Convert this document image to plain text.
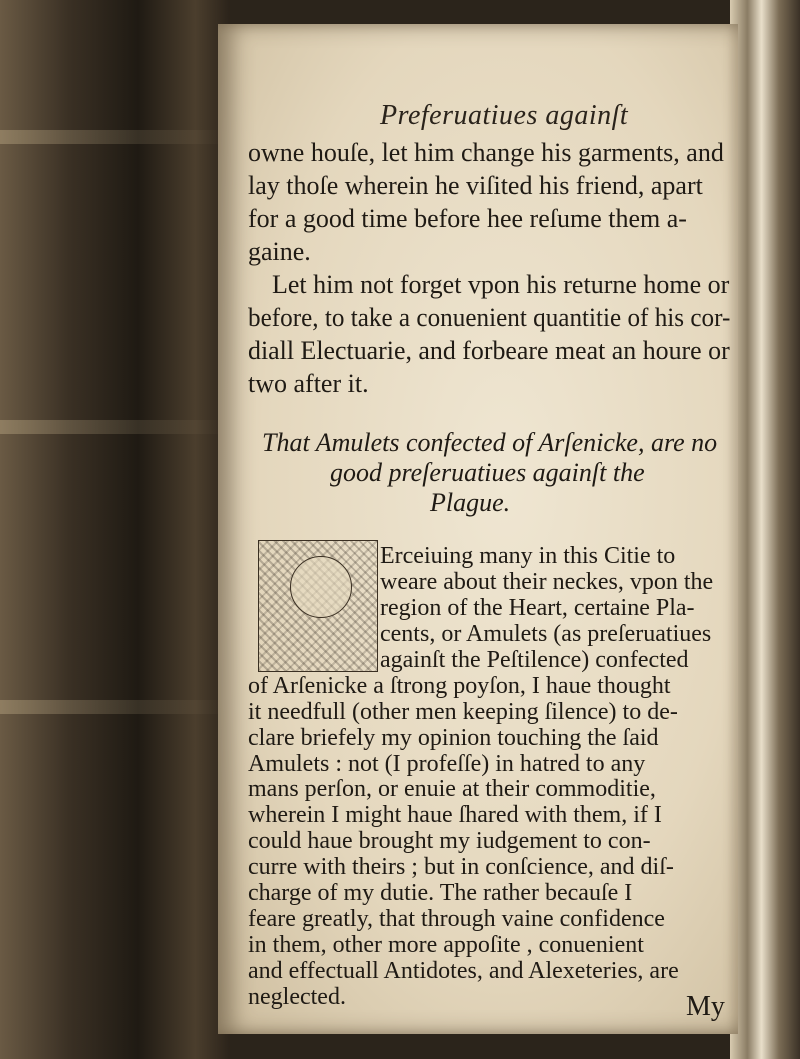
Preferuatiues againſt
owne houſe, let him change his garments, and
lay thoſe wherein he viſited his friend, apart
for a good time before hee reſume them a-
gaine.
Let him not forget vpon his returne home or
before, to take a conuenient quantitie of his cor-
diall Electuarie, and forbeare meat an houre or
two after it.
That Amulets confected of Arſenicke, are no
good preſeruatiues againſt the
Plague.
Erceiuing many in this Citie to
weare about their neckes, vpon the
region of the Heart, certaine Pla-
cents, or Amulets (as preſeruatiues
againſt the Peſtilence) confected
of Arſenicke a ſtrong poyſon, I haue thought
it needfull (other men keeping ſilence) to de-
clare briefely my opinion touching the ſaid
Amulets : not (I profeſſe) in hatred to any
mans perſon, or enuie at their commoditie,
wherein I might haue ſhared with them, if I
could haue brought my iudgement to con-
curre with theirs ; but in conſcience, and diſ-
charge of my dutie. The rather becauſe I
feare greatly, that through vaine confidence
in them, other more appoſite , conuenient
and effectuall Antidotes, and Alexeteries, are
neglected.	My
